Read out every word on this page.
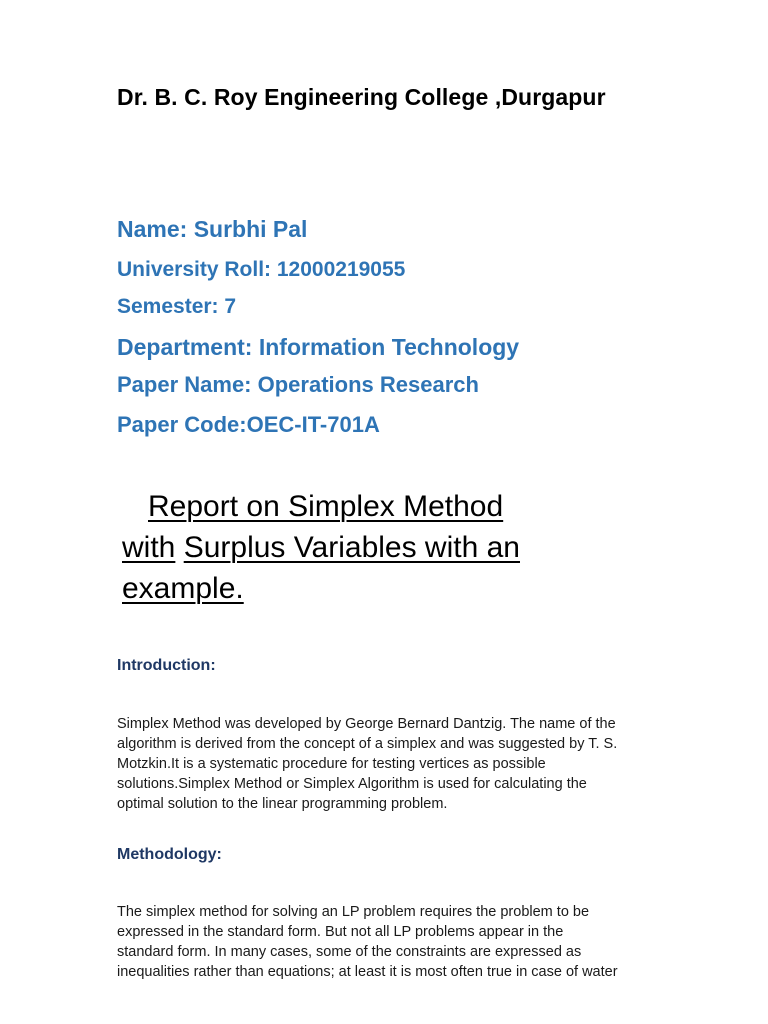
Dr. B. C. Roy Engineering College ,Durgapur
Name: Surbhi Pal
University Roll: 12000219055
Semester: 7
Department: Information Technology
Paper Name: Operations Research
Paper Code:OEC-IT-701A
Report on Simplex Method
with Surplus Variables with an
example.
Introduction:
Simplex Method was developed by George Bernard Dantzig. The name of the
algorithm is derived from the concept of a simplex and was suggested by T. S.
Motzkin.It is a systematic procedure for testing vertices as possible
solutions.Simplex Method or Simplex Algorithm is used for calculating the
optimal solution to the linear programming problem.
Methodology:
The simplex method for solving an LP problem requires the problem to be
expressed in the standard form. But not all LP problems appear in the
standard form. In many cases, some of the constraints are expressed as
inequalities rather than equations; at least it is most often true in case of water
